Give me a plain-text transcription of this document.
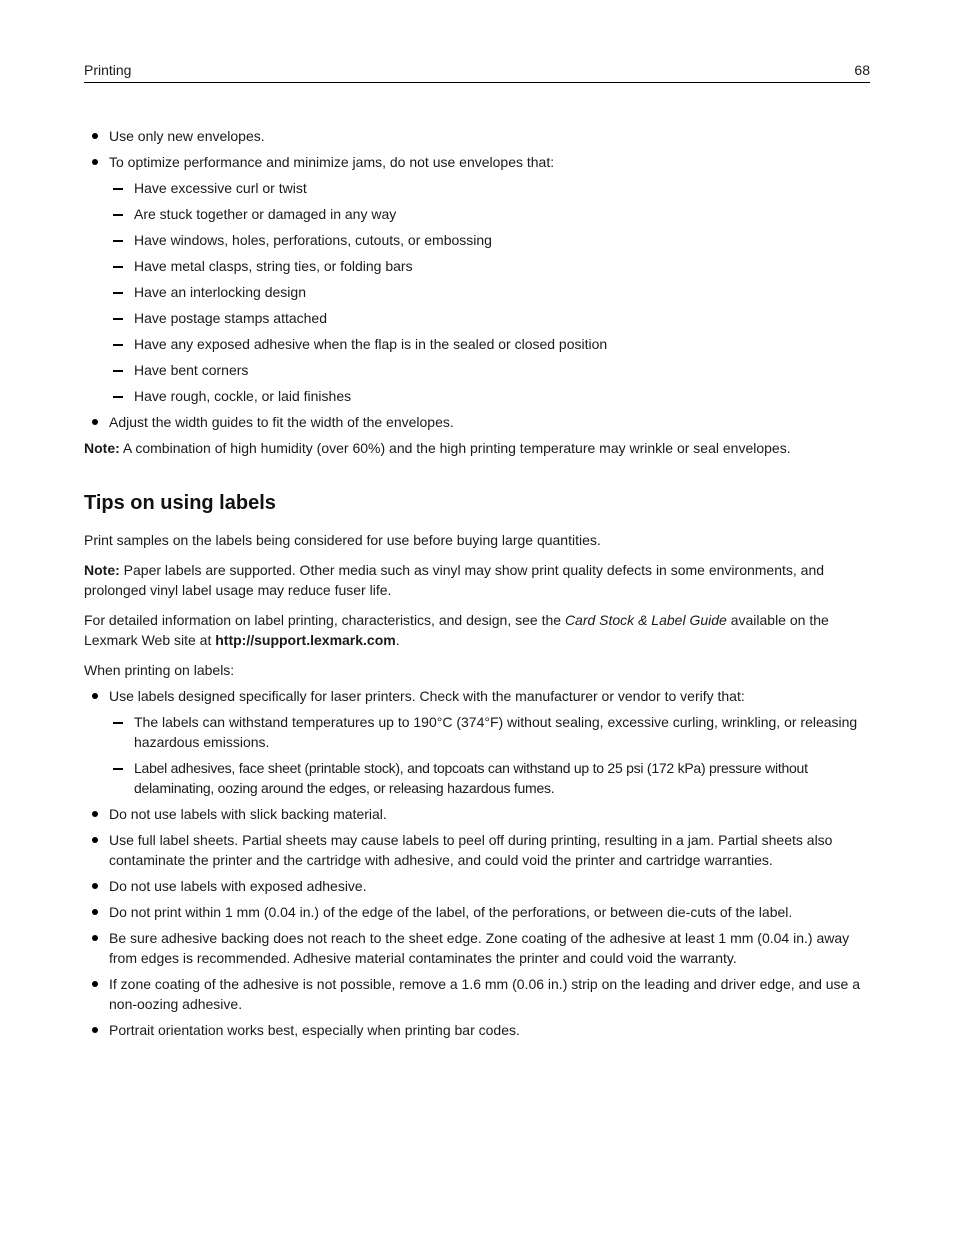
Printing	68
Use only new envelopes.
To optimize performance and minimize jams, do not use envelopes that:
Have excessive curl or twist
Are stuck together or damaged in any way
Have windows, holes, perforations, cutouts, or embossing
Have metal clasps, string ties, or folding bars
Have an interlocking design
Have postage stamps attached
Have any exposed adhesive when the flap is in the sealed or closed position
Have bent corners
Have rough, cockle, or laid finishes
Adjust the width guides to fit the width of the envelopes.

Note: A combination of high humidity (over 60%) and the high printing temperature may wrinkle or seal envelopes.

Tips on using labels

Print samples on the labels being considered for use before buying large quantities.

Note: Paper labels are supported. Other media such as vinyl may show print quality defects in some environments, and prolonged vinyl label usage may reduce fuser life.

For detailed information on label printing, characteristics, and design, see the Card Stock & Label Guide available on the Lexmark Web site at http://support.lexmark.com.

When printing on labels:

Use labels designed specifically for laser printers. Check with the manufacturer or vendor to verify that:
The labels can withstand temperatures up to 190°C (374°F) without sealing, excessive curling, wrinkling, or releasing hazardous emissions.
Label adhesives, face sheet (printable stock), and topcoats can withstand up to 25 psi (172 kPa) pressure without delaminating, oozing around the edges, or releasing hazardous fumes.
Do not use labels with slick backing material.
Use full label sheets. Partial sheets may cause labels to peel off during printing, resulting in a jam. Partial sheets also contaminate the printer and the cartridge with adhesive, and could void the printer and cartridge warranties.
Do not use labels with exposed adhesive.
Do not print within 1 mm (0.04 in.) of the edge of the label, of the perforations, or between die-cuts of the label.
Be sure adhesive backing does not reach to the sheet edge. Zone coating of the adhesive at least 1 mm (0.04 in.) away from edges is recommended. Adhesive material contaminates the printer and could void the warranty.
If zone coating of the adhesive is not possible, remove a 1.6 mm (0.06 in.) strip on the leading and driver edge, and use a non-oozing adhesive.
Portrait orientation works best, especially when printing bar codes.
